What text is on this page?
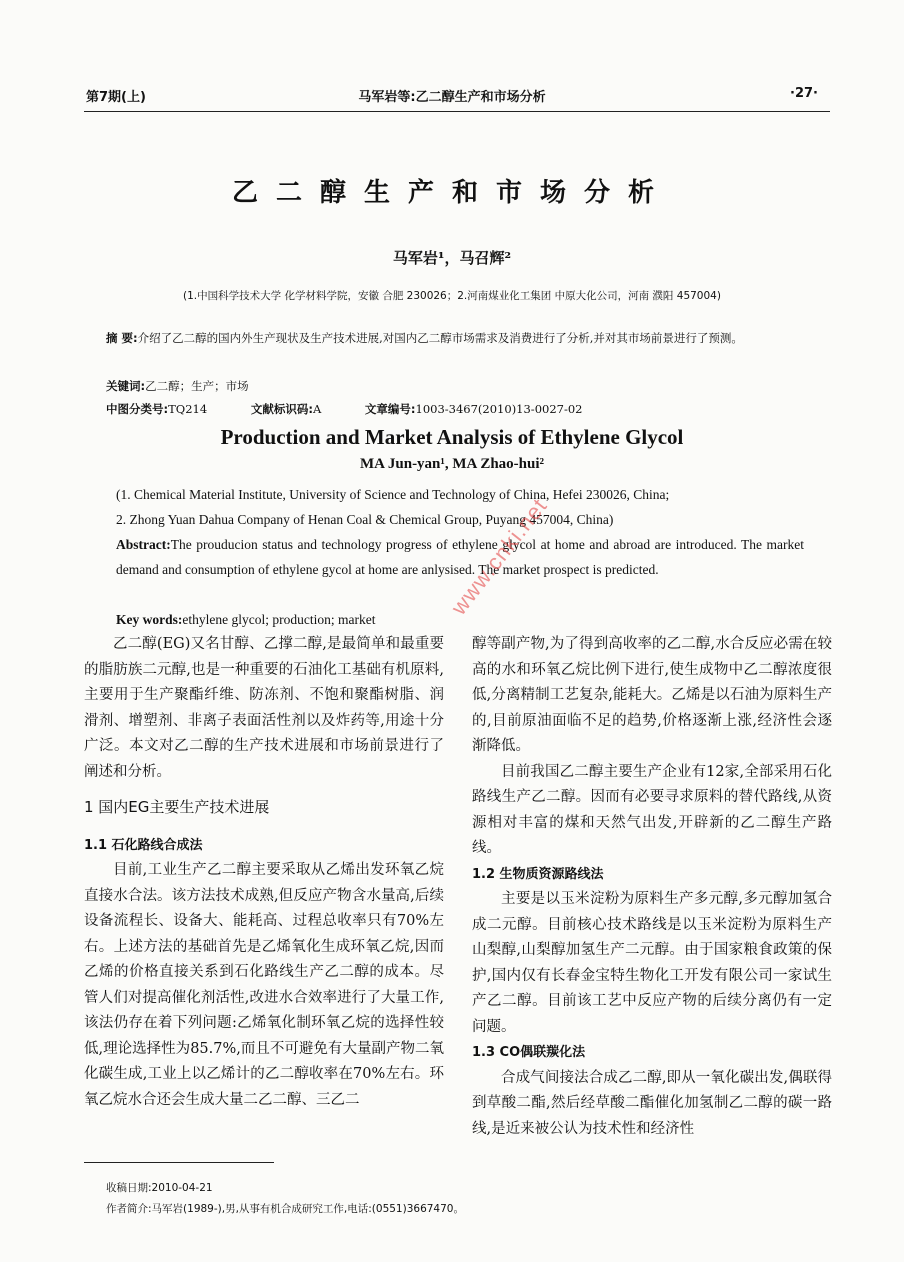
第7期(上)	马军岩等:乙二醇生产和市场分析	·27·
乙二醇生产和市场分析
马军岩¹，马召辉²
(1.中国科学技术大学 化学材料学院，安徽 合肥 230026；2.河南煤业化工集团 中原大化公司，河南 濮阳 457004)
摘 要:介绍了乙二醇的国内外生产现状及生产技术进展,对国内乙二醇市场需求及消费进行了分析,并对其市场前景进行了预测。
关键词:乙二醇；生产；市场
中图分类号:TQ214	文献标识码:A	文章编号:1003-3467(2010)13-0027-02
Production and Market Analysis of Ethylene Glycol
MA Jun-yan¹, MA Zhao-hui²
(1. Chemical Material Institute, University of Science and Technology of China, Hefei 230026, China;
2. Zhong Yuan Dahua Company of Henan Coal & Chemical Group, Puyang 457004, China)
Abstract:The prouducion status and technology progress of ethylene glycol at home and abroad are introduced. The market demand and consumption of ethylene gycol at home are anlysised. The market prospect is predicted.
Key words:ethylene glycol; production; market

乙二醇(EG)又名甘醇、乙撑二醇,是最简单和最重要的脂肪族二元醇,也是一种重要的石油化工基础有机原料,主要用于生产聚酯纤维、防冻剂、不饱和聚酯树脂、润滑剂、增塑剂、非离子表面活性剂以及炸药等,用途十分广泛。本文对乙二醇的生产技术进展和市场前景进行了阐述和分析。

1 国内EG主要生产技术进展

1.1 石化路线合成法

目前,工业生产乙二醇主要采取从乙烯出发环氧乙烷直接水合法。该方法技术成熟,但反应产物含水量高,后续设备流程长、设备大、能耗高、过程总收率只有70%左右。上述方法的基础首先是乙烯氧化生成环氧乙烷,因而乙烯的价格直接关系到石化路线生产乙二醇的成本。尽管人们对提高催化剂活性,改进水合效率进行了大量工作,该法仍存在着下列问题:乙烯氧化制环氧乙烷的选择性较低,理论选择性为85.7%,而且不可避免有大量副产物二氧化碳生成,工业上以乙烯计的乙二醇收率在70%左右。环氧乙烷水合还会生成大量二乙二醇、三乙二

醇等副产物,为了得到高收率的乙二醇,水合反应必需在较高的水和环氧乙烷比例下进行,使生成物中乙二醇浓度很低,分离精制工艺复杂,能耗大。乙烯是以石油为原料生产的,目前原油面临不足的趋势,价格逐渐上涨,经济性会逐渐降低。

目前我国乙二醇主要生产企业有12家,全部采用石化路线生产乙二醇。因而有必要寻求原料的替代路线,从资源相对丰富的煤和天然气出发,开辟新的乙二醇生产路线。

1.2 生物质资源路线法

主要是以玉米淀粉为原料生产多元醇,多元醇加氢合成二元醇。目前核心技术路线是以玉米淀粉为原料生产山梨醇,山梨醇加氢生产二元醇。由于国家粮食政策的保护,国内仅有长春金宝特生物化工开发有限公司一家试生产乙二醇。目前该工艺中反应产物的后续分离仍有一定问题。

1.3 CO偶联羰化法

合成气间接法合成乙二醇,即从一氧化碳出发,偶联得到草酸二酯,然后经草酸二酯催化加氢制乙二醇的碳一路线,是近来被公认为技术性和经济性

www.cnki.net
收稿日期:2010-04-21
作者简介:马军岩(1989-),男,从事有机合成研究工作,电话:(0551)3667470。
